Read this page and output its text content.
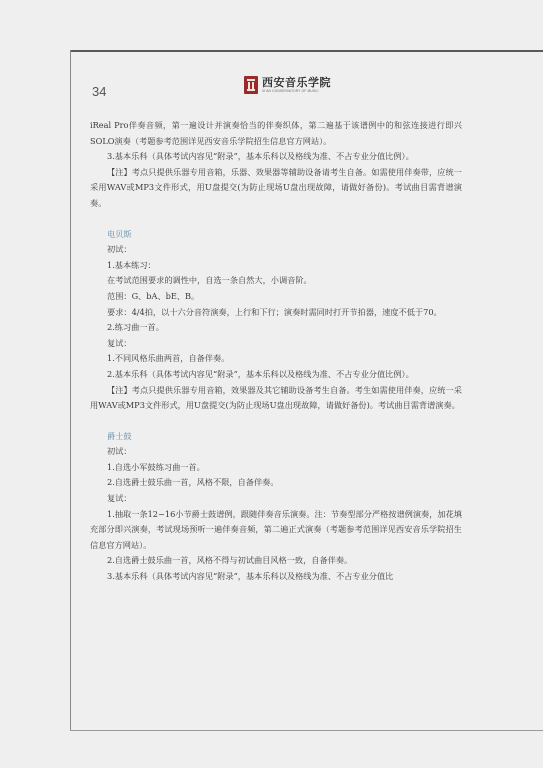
34
西安音乐学院
XI'AN CONSERVATORY OF MUSIC

iReal Pro伴奏音频，第一遍设计并演奏恰当的伴奏织体，第二遍基于该谱例中的和弦连接进行即兴SOLO演奏（考题参考范围详见西安音乐学院招生信息官方网站）。

3.基本乐科（具体考试内容见“附录”，基本乐科以及格线为准、不占专业分值比例）。

【注】考点只提供乐器专用音箱，乐器、效果器等辅助设备请考生自备。如需使用伴奏带，应统一采用WAV或MP3文件形式，用U盘提交(为防止现场U盘出现故障，请做好备份)。考试曲目需背谱演奏。

电贝斯

初试：

1.基本练习：

在考试范围要求的调性中，自选一条自然大，小调音阶。

范围：G、bA、bE、B。

要求：4/4拍，以十六分音符演奏，上行和下行；演奏时需同时打开节拍器，速度不低于70。

2.练习曲一首。

复试：

1.不同风格乐曲两首，自备伴奏。

2.基本乐科（具体考试内容见“附录”，基本乐科以及格线为准、不占专业分值比例）。

【注】考点只提供乐器专用音箱，效果器及其它辅助设备考生自备。考生如需使用伴奏，应统一采用WAV或MP3文件形式，用U盘提交(为防止现场U盘出现故障，请做好备份)。考试曲目需背谱演奏。

爵士鼓

初试：

1.自选小军鼓练习曲一首。

2.自选爵士鼓乐曲一首，风格不限，自备伴奏。

复试：

1.抽取一条12~16小节爵士鼓谱例，跟随伴奏音乐演奏。注：节奏型部分严格按谱例演奏，加花填充部分即兴演奏，考试现场预听一遍伴奏音频，第二遍正式演奏（考题参考范围详见西安音乐学院招生信息官方网站）。

2.自选爵士鼓乐曲一首，风格不得与初试曲目风格一致，自备伴奏。

3.基本乐科（具体考试内容见“附录”，基本乐科以及格线为准、不占专业分值比
